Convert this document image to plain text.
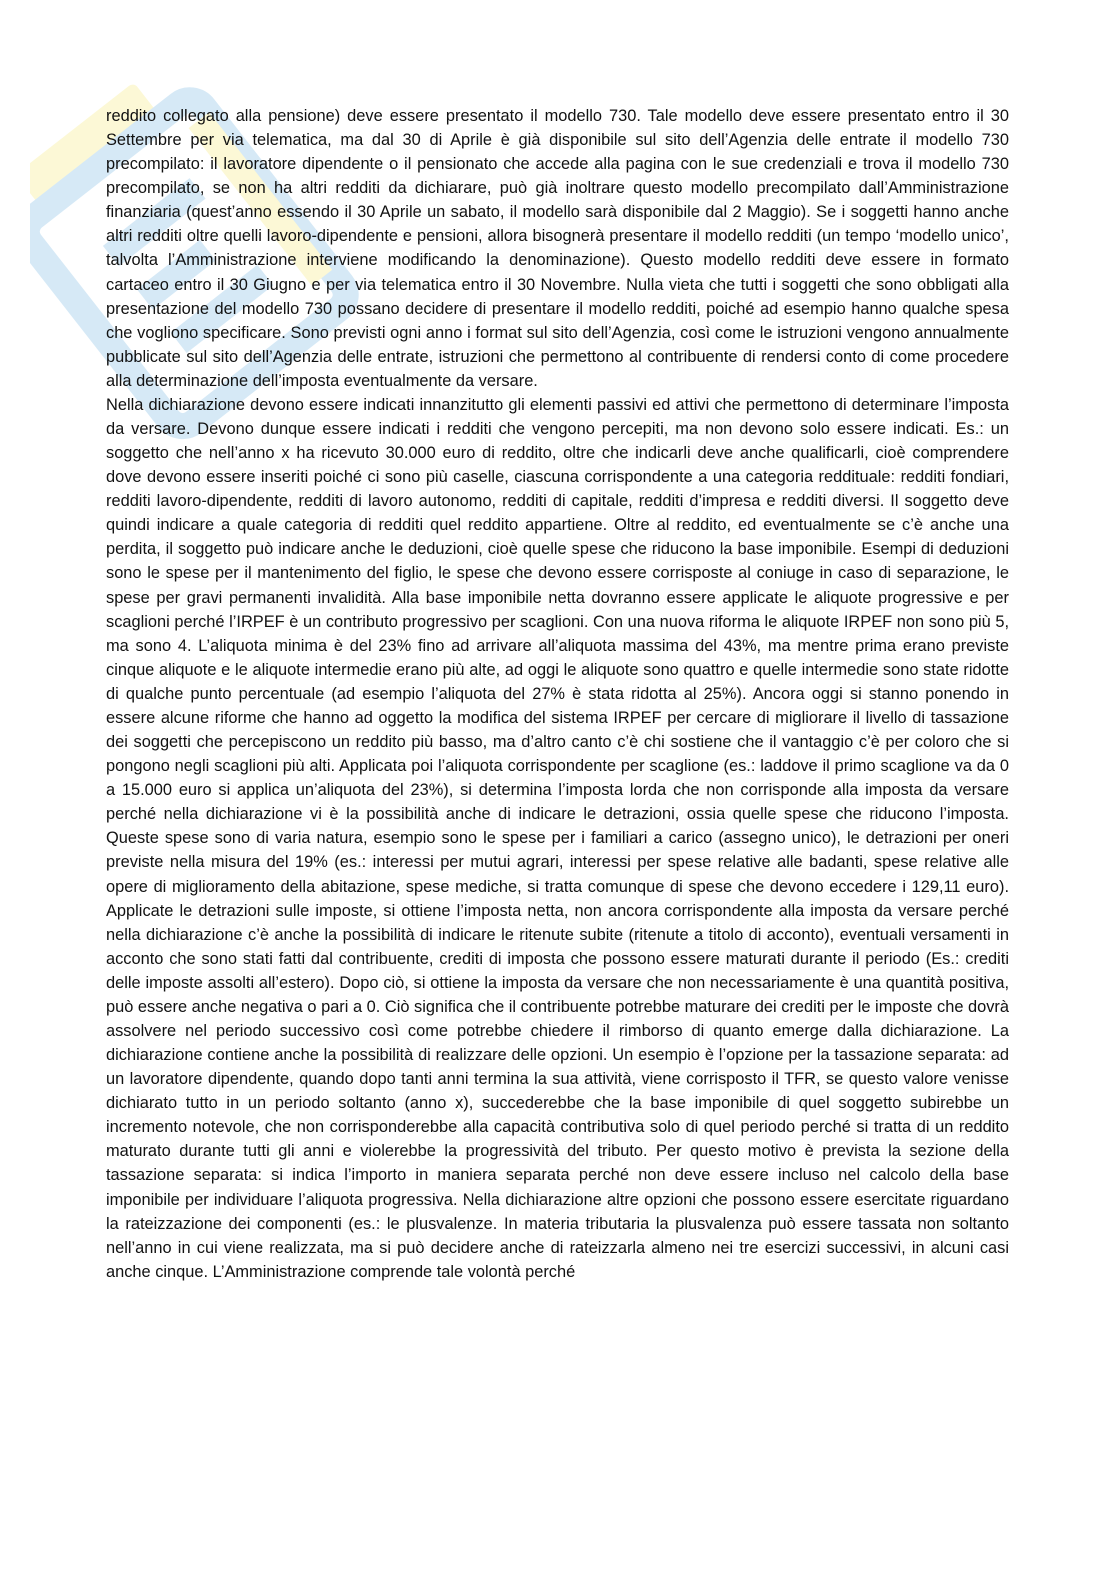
reddito collegato alla pensione) deve essere presentato il modello 730. Tale modello deve essere presentato entro il 30 Settembre per via telematica, ma dal 30 di Aprile è già disponibile sul sito dell’Agenzia delle entrate il modello 730 precompilato: il lavoratore dipendente o il pensionato che accede alla pagina con le sue credenziali e trova il modello 730 precompilato, se non ha altri redditi da dichiarare, può già inoltrare questo modello precompilato dall’Amministrazione finanziaria (quest’anno essendo il 30 Aprile un sabato, il modello sarà disponibile dal 2 Maggio). Se i soggetti hanno anche altri redditi oltre quelli lavoro-dipendente e pensioni, allora bisognerà presentare il modello redditi (un tempo ‘modello unico’, talvolta l’Amministrazione interviene modificando la denominazione). Questo modello redditi deve essere in formato cartaceo entro il 30 Giugno e per via telematica entro il 30 Novembre. Nulla vieta che tutti i soggetti che sono obbligati alla presentazione del modello 730 possano decidere di presentare il modello redditi, poiché ad esempio hanno qualche spesa che vogliono specificare. Sono previsti ogni anno i format sul sito dell’Agenzia, così come le istruzioni vengono annualmente pubblicate sul sito dell’Agenzia delle entrate, istruzioni che permettono al contribuente di rendersi conto di come procedere alla determinazione dell’imposta eventualmente da versare.

Nella dichiarazione devono essere indicati innanzitutto gli elementi passivi ed attivi che permettono di determinare l’imposta da versare. Devono dunque essere indicati i redditi che vengono percepiti, ma non devono solo essere indicati. Es.: un soggetto che nell’anno x ha ricevuto 30.000 euro di reddito, oltre che indicarli deve anche qualificarli, cioè comprendere dove devono essere inseriti poiché ci sono più caselle, ciascuna corrispondente a una categoria reddituale: redditi fondiari, redditi lavoro-dipendente, redditi di lavoro autonomo, redditi di capitale, redditi d’impresa e redditi diversi. Il soggetto deve quindi indicare a quale categoria di redditi quel reddito appartiene. Oltre al reddito, ed eventualmente se c’è anche una perdita, il soggetto può indicare anche le deduzioni, cioè quelle spese che riducono la base imponibile. Esempi di deduzioni sono le spese per il mantenimento del figlio, le spese che devono essere corrisposte al coniuge in caso di separazione, le spese per gravi permanenti invalidità. Alla base imponibile netta dovranno essere applicate le aliquote progressive e per scaglioni perché l’IRPEF è un contributo progressivo per scaglioni. Con una nuova riforma le aliquote IRPEF non sono più 5, ma sono 4. L’aliquota minima è del 23% fino ad arrivare all’aliquota massima del 43%, ma mentre prima erano previste cinque aliquote e le aliquote intermedie erano più alte, ad oggi le aliquote sono quattro e quelle intermedie sono state ridotte di qualche punto percentuale (ad esempio l’aliquota del 27% è stata ridotta al 25%). Ancora oggi si stanno ponendo in essere alcune riforme che hanno ad oggetto la modifica del sistema IRPEF per cercare di migliorare il livello di tassazione dei soggetti che percepiscono un reddito più basso, ma d’altro canto c’è chi sostiene che il vantaggio c’è per coloro che si pongono negli scaglioni più alti. Applicata poi l’aliquota corrispondente per scaglione (es.: laddove il primo scaglione va da 0 a 15.000 euro si applica un’aliquota del 23%), si determina l’imposta lorda che non corrisponde alla imposta da versare perché nella dichiarazione vi è la possibilità anche di indicare le detrazioni, ossia quelle spese che riducono l’imposta. Queste spese sono di varia natura, esempio sono le spese per i familiari a carico (assegno unico), le detrazioni per oneri previste nella misura del 19% (es.: interessi per mutui agrari, interessi per spese relative alle badanti, spese relative alle opere di miglioramento della abitazione, spese mediche, si tratta comunque di spese che devono eccedere i 129,11 euro). Applicate le detrazioni sulle imposte, si ottiene l’imposta netta, non ancora corrispondente alla imposta da versare perché nella dichiarazione c’è anche la possibilità di indicare le ritenute subite (ritenute a titolo di acconto), eventuali versamenti in acconto che sono stati fatti dal contribuente, crediti di imposta che possono essere maturati durante il periodo (Es.: crediti delle imposte assolti all’estero). Dopo ciò, si ottiene la imposta da versare che non necessariamente è una quantità positiva, può essere anche negativa o pari a 0. Ciò significa che il contribuente potrebbe maturare dei crediti per le imposte che dovrà assolvere nel periodo successivo così come potrebbe chiedere il rimborso di quanto emerge dalla dichiarazione. La dichiarazione contiene anche la possibilità di realizzare delle opzioni. Un esempio è l’opzione per la tassazione separata: ad un lavoratore dipendente, quando dopo tanti anni termina la sua attività, viene corrisposto il TFR, se questo valore venisse dichiarato tutto in un periodo soltanto (anno x), succederebbe che la base imponibile di quel soggetto subirebbe un incremento notevole, che non corrisponderebbe alla capacità contributiva solo di quel periodo perché si tratta di un reddito maturato durante tutti gli anni e violerebbe la progressività del tributo. Per questo motivo è prevista la sezione della tassazione separata: si indica l’importo in maniera separata perché non deve essere incluso nel calcolo della base imponibile per individuare l’aliquota progressiva. Nella dichiarazione altre opzioni che possono essere esercitate riguardano la rateizzazione dei componenti (es.: le plusvalenze. In materia tributaria la plusvalenza può essere tassata non soltanto nell’anno in cui viene realizzata, ma si può decidere anche di rateizzarla almeno nei tre esercizi successivi, in alcuni casi anche cinque. L’Amministrazione comprende tale volontà perché
